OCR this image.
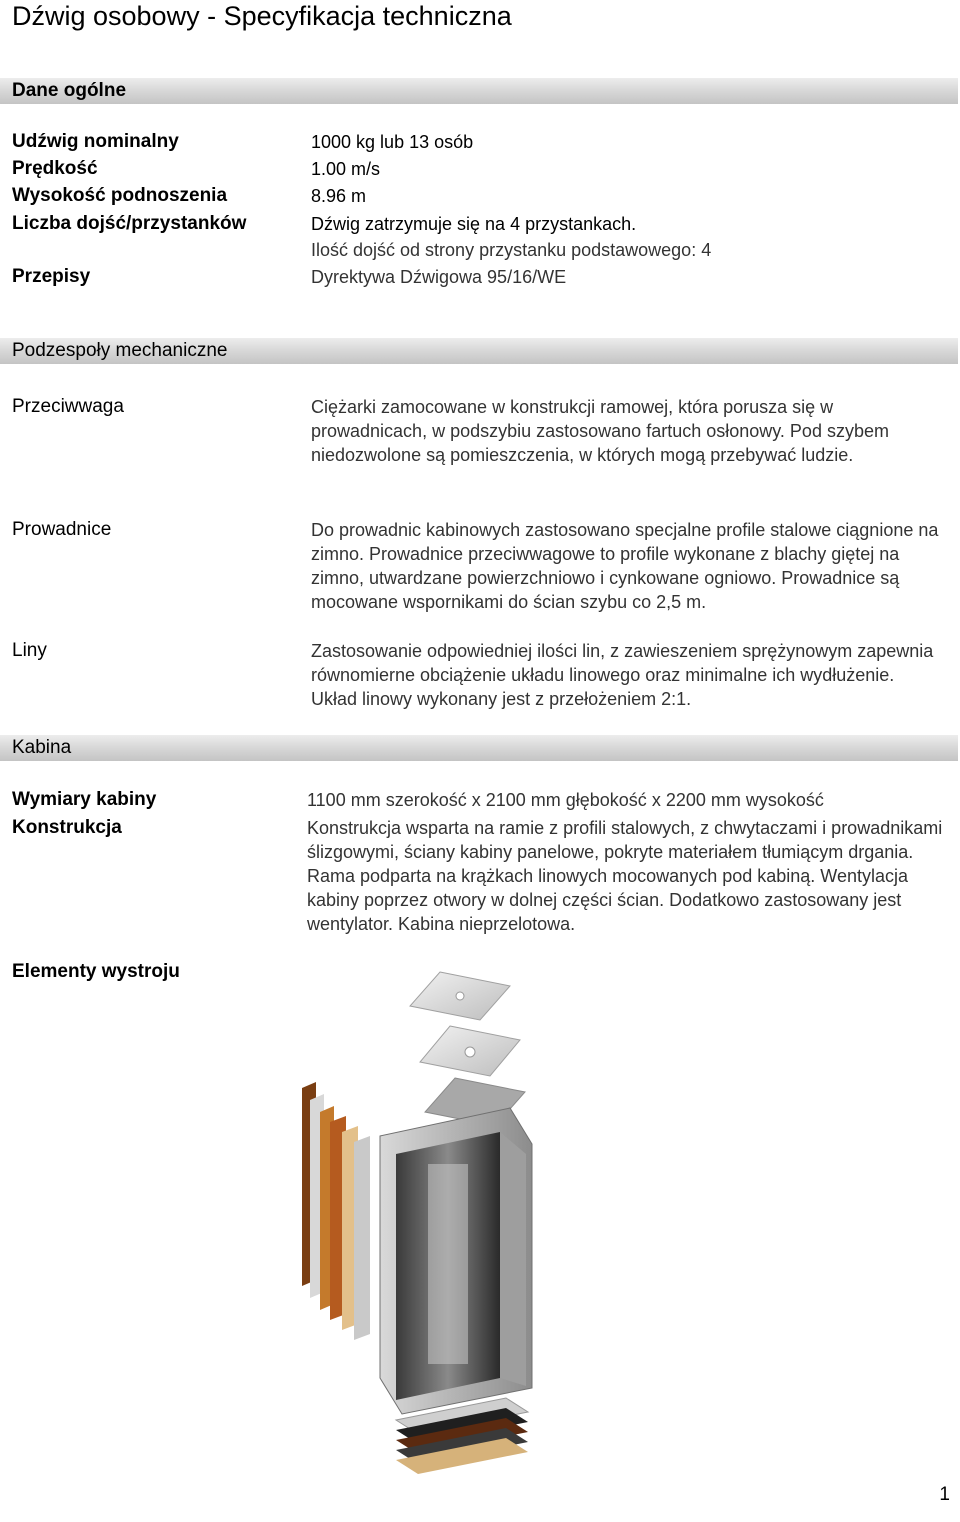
Dźwig osobowy - Specyfikacja techniczna
Dane ogólne
Udźwig nominalny	1000 kg lub 13 osób
Prędkość	1.00 m/s
Wysokość podnoszenia	8.96 m
Liczba dojść/przystanków	Dźwig zatrzymuje się na 4 przystankach.
Ilość dojść od strony przystanku podstawowego: 4
Przepisy	Dyrektywa Dźwigowa 95/16/WE
Podzespoły mechaniczne
Przeciwwaga	Ciężarki zamocowane w konstrukcji ramowej, która porusza się w prowadnicach, w podszybiu zastosowano fartuch osłonowy. Pod szybem niedozwolone są pomieszczenia, w których mogą przebywać ludzie.
Prowadnice	Do prowadnic kabinowych zastosowano specjalne profile stalowe ciągnione na zimno. Prowadnice przeciwwagowe to profile wykonane z blachy giętej na zimno, utwardzane powierzchniowo i cynkowane ogniowo. Prowadnice są mocowane wspornikami do ścian szybu co 2,5 m.
Liny	Zastosowanie odpowiedniej ilości lin, z zawieszeniem sprężynowym zapewnia równomierne obciążenie układu linowego oraz minimalne ich wydłużenie. Układ linowy wykonany jest z przełożeniem 2:1.
Kabina
Wymiary kabiny	1100 mm szerokość x 2100 mm głębokość x 2200 mm wysokość
Konstrukcja	Konstrukcja wsparta na ramie z profili stalowych, z chwytaczami i prowadnikami ślizgowymi, ściany kabiny panelowe, pokryte materiałem tłumiącym drgania. Rama podparta na krążkach linowych mocowanych pod kabiną. Wentylacja kabiny poprzez otwory w dolnej części ścian. Dodatkowo zastosowany jest wentylator. Kabina nieprzelotowa.
Elementy wystroju
1
